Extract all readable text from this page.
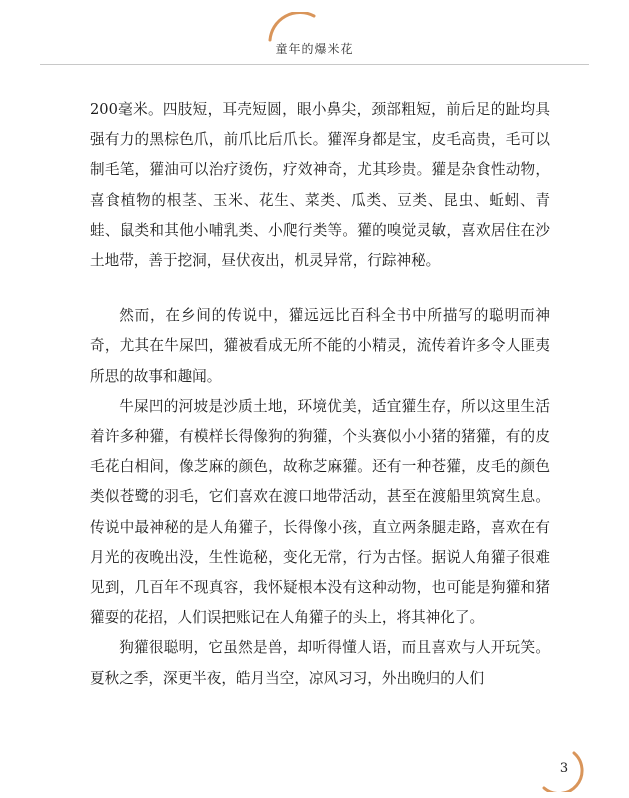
童年的爆米花

200毫米。四肢短，耳壳短圆，眼小鼻尖，颈部粗短，前后足的趾均具强有力的黑棕色爪，前爪比后爪长。獾浑身都是宝，皮毛高贵，毛可以制毛笔，獾油可以治疗烫伤，疗效神奇，尤其珍贵。獾是杂食性动物，喜食植物的根茎、玉米、花生、菜类、瓜类、豆类、昆虫、蚯蚓、青蛙、鼠类和其他小哺乳类、小爬行类等。獾的嗅觉灵敏，喜欢居住在沙土地带，善于挖洞，昼伏夜出，机灵异常，行踪神秘。

然而，在乡间的传说中，獾远远比百科全书中所描写的聪明而神奇，尤其在牛屎凹，獾被看成无所不能的小精灵，流传着许多令人匪夷所思的故事和趣闻。

牛屎凹的河坡是沙质土地，环境优美，适宜獾生存，所以这里生活着许多种獾，有模样长得像狗的狗獾，个头赛似小小猪的猪獾，有的皮毛花白相间，像芝麻的颜色，故称芝麻獾。还有一种苍獾，皮毛的颜色类似苍鹭的羽毛，它们喜欢在渡口地带活动，甚至在渡船里筑窝生息。传说中最神秘的是人角獾子，长得像小孩，直立两条腿走路，喜欢在有月光的夜晚出没，生性诡秘，变化无常，行为古怪。据说人角獾子很难见到，几百年不现真容，我怀疑根本没有这种动物，也可能是狗獾和猪獾耍的花招，人们误把账记在人角獾子的头上，将其神化了。

狗獾很聪明，它虽然是兽，却听得懂人语，而且喜欢与人开玩笑。夏秋之季，深更半夜，皓月当空，凉风习习，外出晚归的人们

3
